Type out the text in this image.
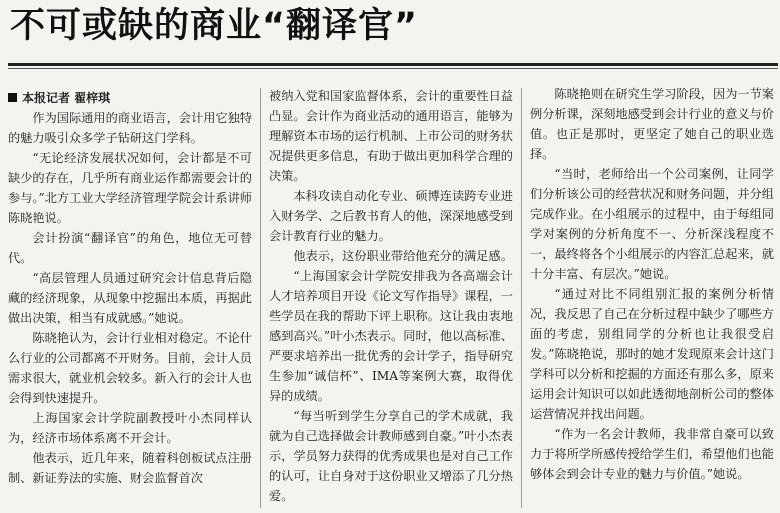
不可或缺的商业“翻译官”

本报记者 翟梓琪

作为国际通用的商业语言，会计用它独特的魅力吸引众多学子钻研这门学科。

“无论经济发展状况如何，会计都是不可缺少的存在，几乎所有商业运作都需要会计的参与。”北方工业大学经济管理学院会计系讲师陈晓艳说。

会计扮演“翻译官”的角色，地位无可替代。

“高层管理人员通过研究会计信息背后隐藏的经济现象，从现象中挖掘出本质，再据此做出决策，相当有成就感。”她说。

陈晓艳认为，会计行业相对稳定。不论什么行业的公司都离不开财务。目前，会计人员需求很大，就业机会较多。新入行的会计人也会得到快速提升。

上海国家会计学院副教授叶小杰同样认为，经济市场体系离不开会计。

他表示，近几年来，随着科创板试点注册制、新证券法的实施、财会监督首次

被纳入党和国家监督体系，会计的重要性日益凸显。会计作为商业活动的通用语言，能够为理解资本市场的运行机制、上市公司的财务状况提供更多信息，有助于做出更加科学合理的决策。

本科攻读自动化专业、硕博连读跨专业进入财务学、之后教书育人的他，深深地感受到会计教育行业的魅力。

他表示，这份职业带给他充分的满足感。

“上海国家会计学院安排我为各高端会计人才培养项目开设《论文写作指导》课程，一些学员在我的帮助下评上职称。这让我由衷地感到高兴。”叶小杰表示。同时，他以高标准、严要求培养出一批优秀的会计学子，指导研究生参加“诚信杯”、IMA等案例大赛，取得优异的成绩。

“每当听到学生分享自己的学术成就，我就为自己选择做会计教师感到自豪。”叶小杰表示，学员努力获得的优秀成果也是对自己工作的认可，让自身对于这份职业又增添了几分热爱。

陈晓艳则在研究生学习阶段，因为一节案例分析课，深刻地感受到会计行业的意义与价值。也正是那时，更坚定了她自己的职业选择。

“当时，老师给出一个公司案例，让同学们分析该公司的经营状况和财务问题，并分组完成作业。在小组展示的过程中，由于每组同学对案例的分析角度不一、分析深浅程度不一，最终将各个小组展示的内容汇总起来，就十分丰富、有层次。”她说。

“通过对比不同组别汇报的案例分析情况，我反思了自己在分析过程中缺少了哪些方面的考虑，别组同学的分析也让我很受启发。”陈晓艳说，那时的她才发现原来会计这门学科可以分析和挖掘的方面还有那么多，原来运用会计知识可以如此透彻地剖析公司的整体运营情况并找出问题。

“作为一名会计教师，我非常自豪可以致力于将所学所感传授给学生们，希望他们也能够体会到会计专业的魅力与价值。”她说。
